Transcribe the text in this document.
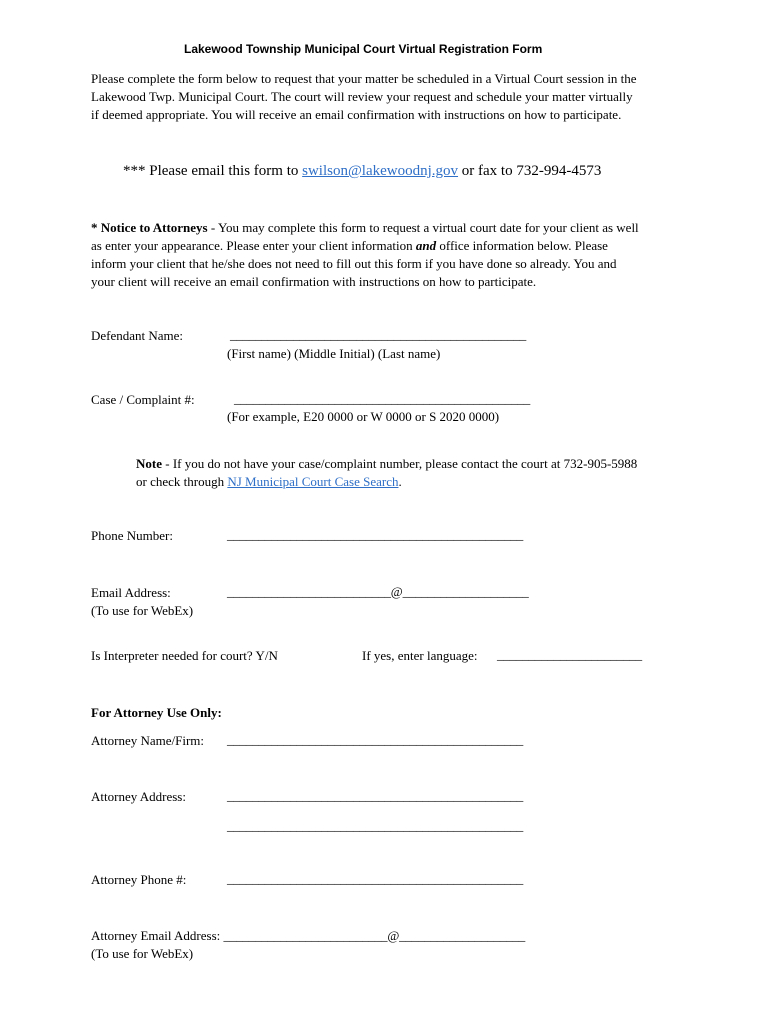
Lakewood Township Municipal Court Virtual Registration Form
Please complete the form below to request that your matter be scheduled in a Virtual Court session in the
Lakewood Twp. Municipal Court. The court will review your request and schedule your matter virtually
if deemed appropriate. You will receive an email confirmation with instructions on how to participate.
*** Please email this form to swilson@lakewoodnj.gov or fax to 732-994-4573
* Notice to Attorneys - You may complete this form to request a virtual court date for your client as well
as enter your appearance. Please enter your client information and office information below. Please
inform your client that he/she does not need to fill out this form if you have done so already. You and
your client will receive an email confirmation with instructions on how to participate.
Defendant Name:	_______________________________________________
(First name) (Middle Initial) (Last name)
Case / Complaint #:	_______________________________________________
(For example, E20 0000 or W 0000 or S 2020 0000)
Note - If you do not have your case/complaint number, please contact the court at 732-905-5988
or check through NJ Municipal Court Case Search.
Phone Number:	_______________________________________________
Email Address:	__________________________@____________________
(To use for WebEx)
Is Interpreter needed for court? Y/N	If yes, enter language: _______________________
For Attorney Use Only:
Attorney Name/Firm: _______________________________________________
Attorney Address:	_______________________________________________
_______________________________________________
Attorney Phone #:	_______________________________________________
Attorney Email Address: __________________________@____________________
(To use for WebEx)
